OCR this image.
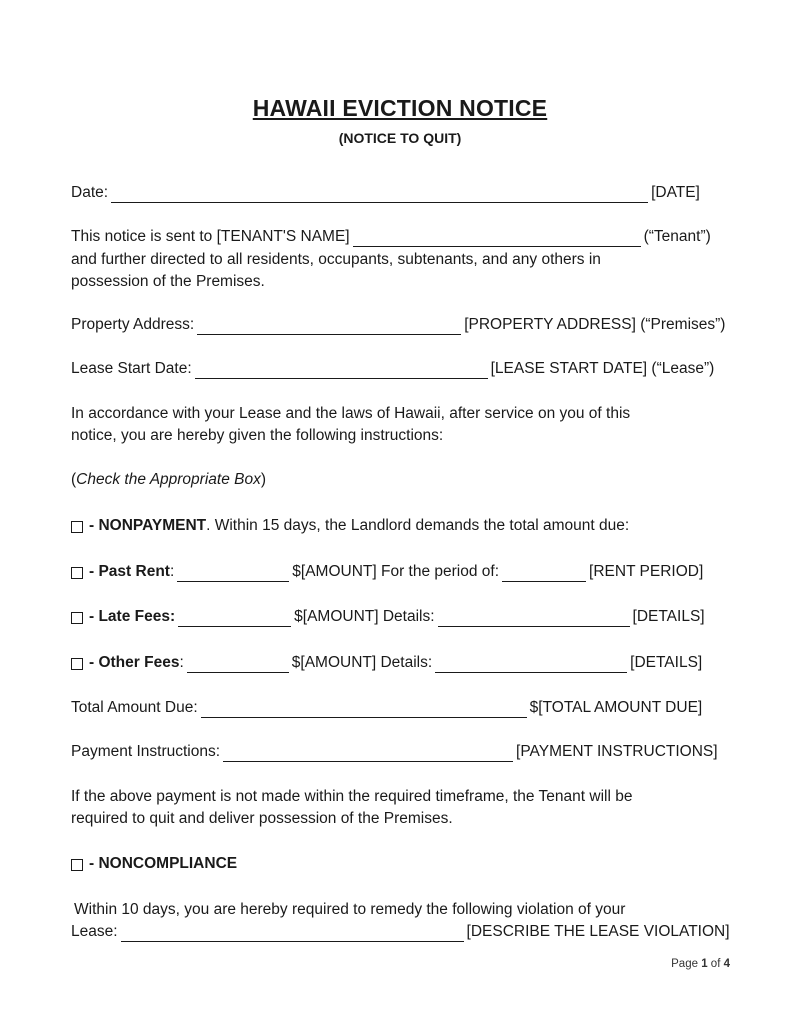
HAWAII EVICTION NOTICE
(NOTICE TO QUIT)
Date:	[DATE]
This notice is sent to [TENANT'S NAME]	(“Tenant”)
and further directed to all residents, occupants, subtenants, and any others in
possession of the Premises.
Property Address:	[PROPERTY ADDRESS] (“Premises”)
Lease Start Date:	[LEASE START DATE] (“Lease”)
In accordance with your Lease and the laws of Hawaii, after service on you of this
notice, you are hereby given the following instructions:
( Check the Appropriate Box )
- NONPAYMENT . Within 15 days, the Landlord demands the total amount due:
- Past Rent :	$[AMOUNT] For the period of:	[RENT PERIOD]
- Late Fees:	$[AMOUNT] Details:	[DETAILS]
- Other Fees :	$[AMOUNT] Details:	[DETAILS]
Total Amount Due:	$[TOTAL AMOUNT DUE]
Payment Instructions:	[PAYMENT INSTRUCTIONS]
If the above payment is not made within the required timeframe, the Tenant will be
required to quit and deliver possession of the Premises.
- NONCOMPLIANCE
Within 10 days, you are hereby required to remedy the following violation of your
Lease:	[DESCRIBE THE LEASE VIOLATION]
Page 1 of 4
